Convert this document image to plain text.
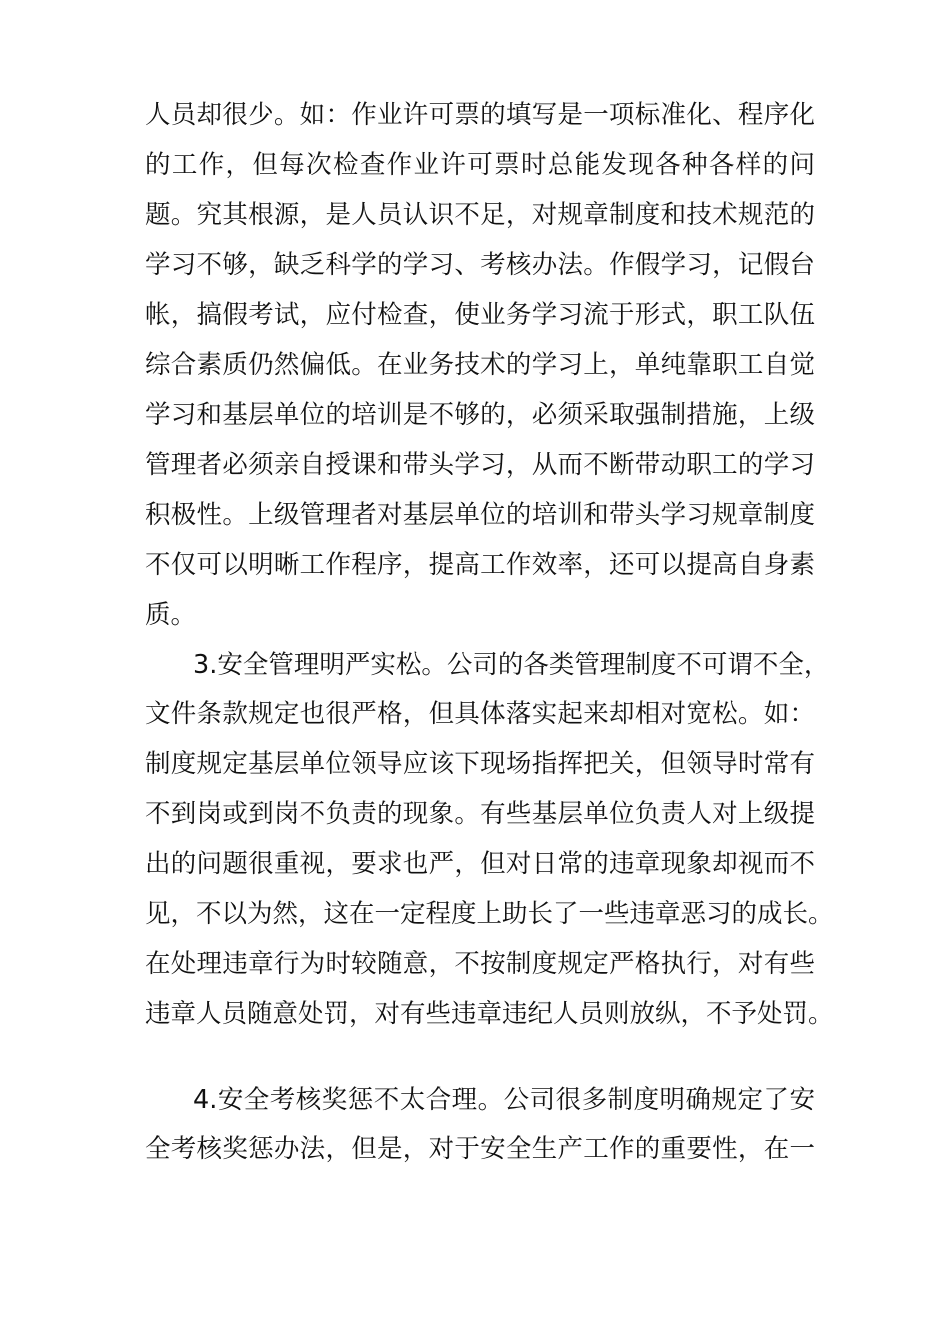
人员却很少。如：作业许可票的填写是一项标准化、程序化
的工作，但每次检查作业许可票时总能发现各种各样的问
题。究其根源，是人员认识不足，对规章制度和技术规范的
学习不够，缺乏科学的学习、考核办法。作假学习，记假台
帐，搞假考试，应付检查，使业务学习流于形式，职工队伍
综合素质仍然偏低。在业务技术的学习上，单纯靠职工自觉
学习和基层单位的培训是不够的，必须采取强制措施，上级
管理者必须亲自授课和带头学习，从而不断带动职工的学习
积极性。上级管理者对基层单位的培训和带头学习规章制度
不仅可以明晰工作程序，提高工作效率，还可以提高自身素
质。
3.安全管理明严实松。公司的各类管理制度不可谓不全，
文件条款规定也很严格，但具体落实起来却相对宽松。如：
制度规定基层单位领导应该下现场指挥把关，但领导时常有
不到岗或到岗不负责的现象。有些基层单位负责人对上级提
出的问题很重视，要求也严，但对日常的违章现象却视而不
见，不以为然，这在一定程度上助长了一些违章恶习的成长。
在处理违章行为时较随意，不按制度规定严格执行，对有些
违章人员随意处罚，对有些违章违纪人员则放纵，不予处罚。
4.安全考核奖惩不太合理。公司很多制度明确规定了安
全考核奖惩办法，但是，对于安全生产工作的重要性，在一
